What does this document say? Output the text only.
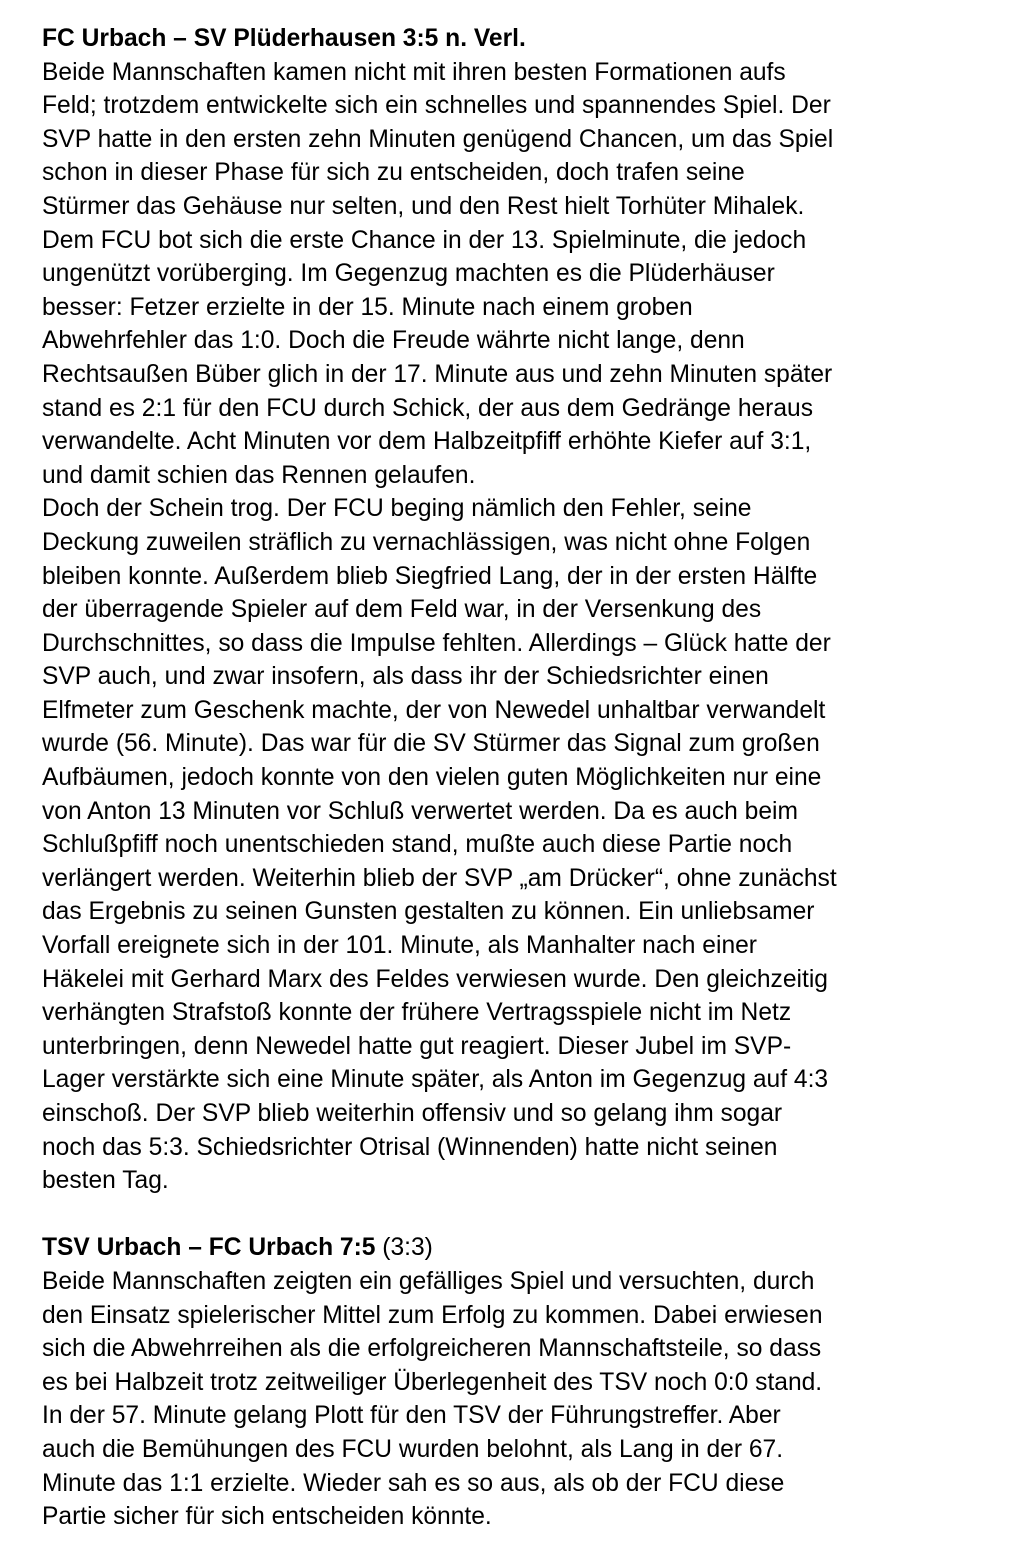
FC Urbach – SV Plüderhausen 3:5 n. Verl.

Beide Mannschaften kamen nicht mit ihren besten Formationen aufs
Feld; trotzdem entwickelte sich ein schnelles und spannendes Spiel. Der
SVP hatte in den ersten zehn Minuten genügend Chancen, um das Spiel
schon in dieser Phase für sich zu entscheiden, doch trafen seine
Stürmer das Gehäuse nur selten, und den Rest hielt Torhüter Mihalek.
Dem FCU bot sich die erste Chance in der 13. Spielminute, die jedoch
ungenützt vorüberging. Im Gegenzug machten es die Plüderhäuser
besser: Fetzer erzielte in der 15. Minute nach einem groben
Abwehrfehler das 1:0. Doch die Freude währte nicht lange, denn
Rechtsaußen Büber glich in der 17. Minute aus und zehn Minuten später
stand es 2:1 für den FCU durch Schick, der aus dem Gedränge heraus
verwandelte. Acht Minuten vor dem Halbzeitpfiff erhöhte Kiefer auf 3:1,
und damit schien das Rennen gelaufen.

Doch der Schein trog. Der FCU beging nämlich den Fehler, seine
Deckung zuweilen sträflich zu vernachlässigen, was nicht ohne Folgen
bleiben konnte. Außerdem blieb Siegfried Lang, der in der ersten Hälfte
der überragende Spieler auf dem Feld war, in der Versenkung des
Durchschnittes, so dass die Impulse fehlten. Allerdings – Glück hatte der
SVP auch, und zwar insofern, als dass ihr der Schiedsrichter einen
Elfmeter zum Geschenk machte, der von Newedel unhaltbar verwandelt
wurde (56. Minute). Das war für die SV Stürmer das Signal zum großen
Aufbäumen, jedoch konnte von den vielen guten Möglichkeiten nur eine
von Anton 13 Minuten vor Schluß verwertet werden. Da es auch beim
Schlußpfiff noch unentschieden stand, mußte auch diese Partie noch
verlängert werden. Weiterhin blieb der SVP „am Drücker“, ohne zunächst
das Ergebnis zu seinen Gunsten gestalten zu können. Ein unliebsamer
Vorfall ereignete sich in der 101. Minute, als Manhalter nach einer
Häkelei mit Gerhard Marx des Feldes verwiesen wurde. Den gleichzeitig
verhängten Strafstoß konnte der frühere Vertragsspiele nicht im Netz
unterbringen, denn Newedel hatte gut reagiert. Dieser Jubel im SVP-
Lager verstärkte sich eine Minute später, als Anton im Gegenzug auf 4:3
einschoß. Der SVP blieb weiterhin offensiv und so gelang ihm sogar
noch das 5:3. Schiedsrichter Otrisal (Winnenden) hatte nicht seinen
besten Tag.

TSV Urbach – FC Urbach 7:5 (3:3)

Beide Mannschaften zeigten ein gefälliges Spiel und versuchten, durch
den Einsatz spielerischer Mittel zum Erfolg zu kommen. Dabei erwiesen
sich die Abwehrreihen als die erfolgreicheren Mannschaftsteile, so dass
es bei Halbzeit trotz zeitweiliger Überlegenheit des TSV noch 0:0 stand.
In der 57. Minute gelang Plott für den TSV der Führungstreffer. Aber
auch die Bemühungen des FCU wurden belohnt, als Lang in der 67.
Minute das 1:1 erzielte. Wieder sah es so aus, als ob der FCU diese
Partie sicher für sich entscheiden könnte.
